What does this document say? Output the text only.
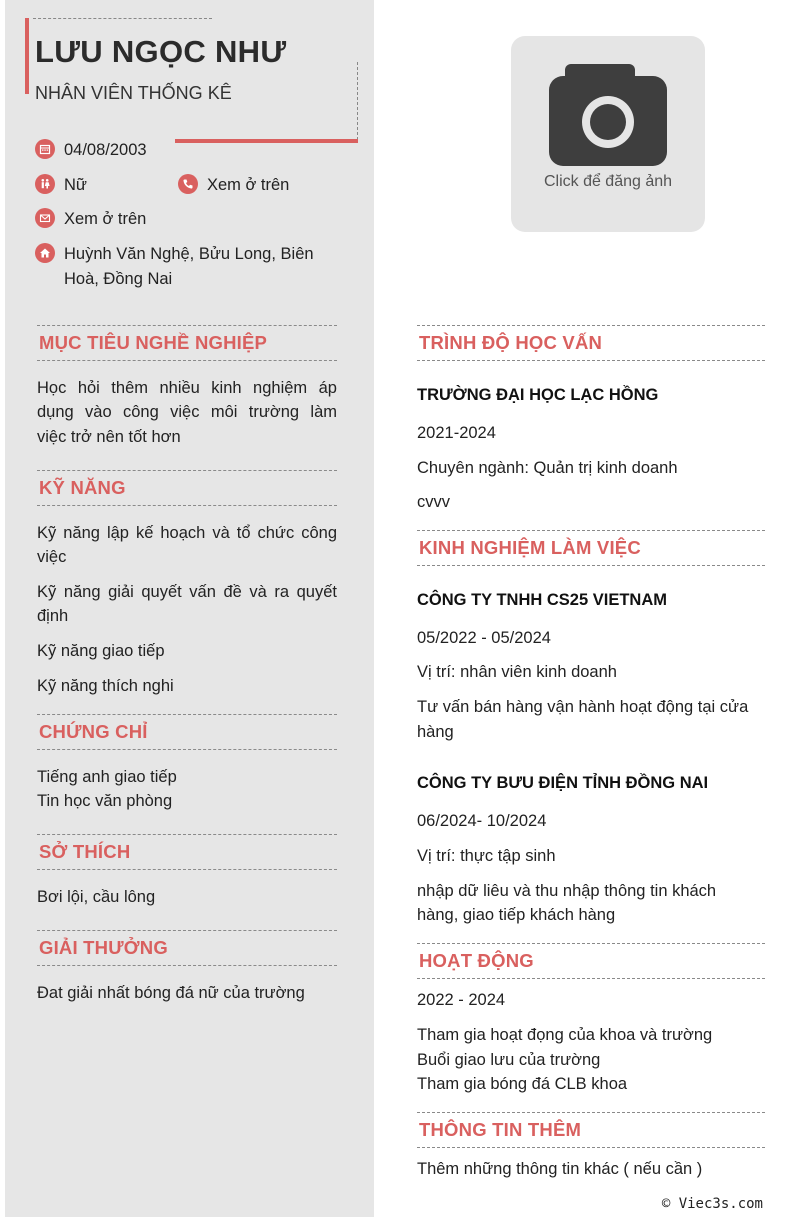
LƯU NGỌC NHƯ
NHÂN VIÊN THỐNG KÊ
04/08/2003
Nữ	Xem ở trên
Xem ở trên
Huỳnh Văn Nghệ, Bửu Long, Biên
Hoà, Đồng Nai
Click để đăng ảnh
MỤC TIÊU NGHỀ NGHIỆP
Học hỏi thêm nhiều kinh nghiệm áp
dụng vào công việc môi trường làm
việc trở nên tốt hơn
KỸ NĂNG
Kỹ năng lập kế hoạch và tổ chức công
việc
Kỹ năng giải quyết vấn đề và ra quyết
định
Kỹ năng giao tiếp
Kỹ năng thích nghi
CHỨNG CHỈ
Tiếng anh giao tiếp
Tin học văn phòng
SỞ THÍCH
Bơi lội, cầu lông
GIẢI THƯỞNG
Đat giải nhất bóng đá nữ của trường
TRÌNH ĐỘ HỌC VẤN
TRƯỜNG ĐẠI HỌC LẠC HỒNG
2021-2024
Chuyên ngành: Quản trị kinh doanh
cvvv
KINH NGHIỆM LÀM VIỆC
CÔNG TY TNHH CS25 VIETNAM
05/2022 - 05/2024
Vị trí: nhân viên kinh doanh
Tư vấn bán hàng vận hành hoạt động tại cửa
hàng
CÔNG TY BƯU ĐIỆN TỈNH ĐỒNG NAI
06/2024- 10/2024
Vị trí: thực tập sinh
nhập dữ liêu và thu nhập thông tin khách
hàng, giao tiếp khách hàng
HOẠT ĐỘNG
2022 - 2024
Tham gia hoạt đọng của khoa và trường
Buổi giao lưu của trường
Tham gia bóng đá CLB khoa
THÔNG TIN THÊM
Thêm những thông tin khác ( nếu cần )
© Viec3s.com
